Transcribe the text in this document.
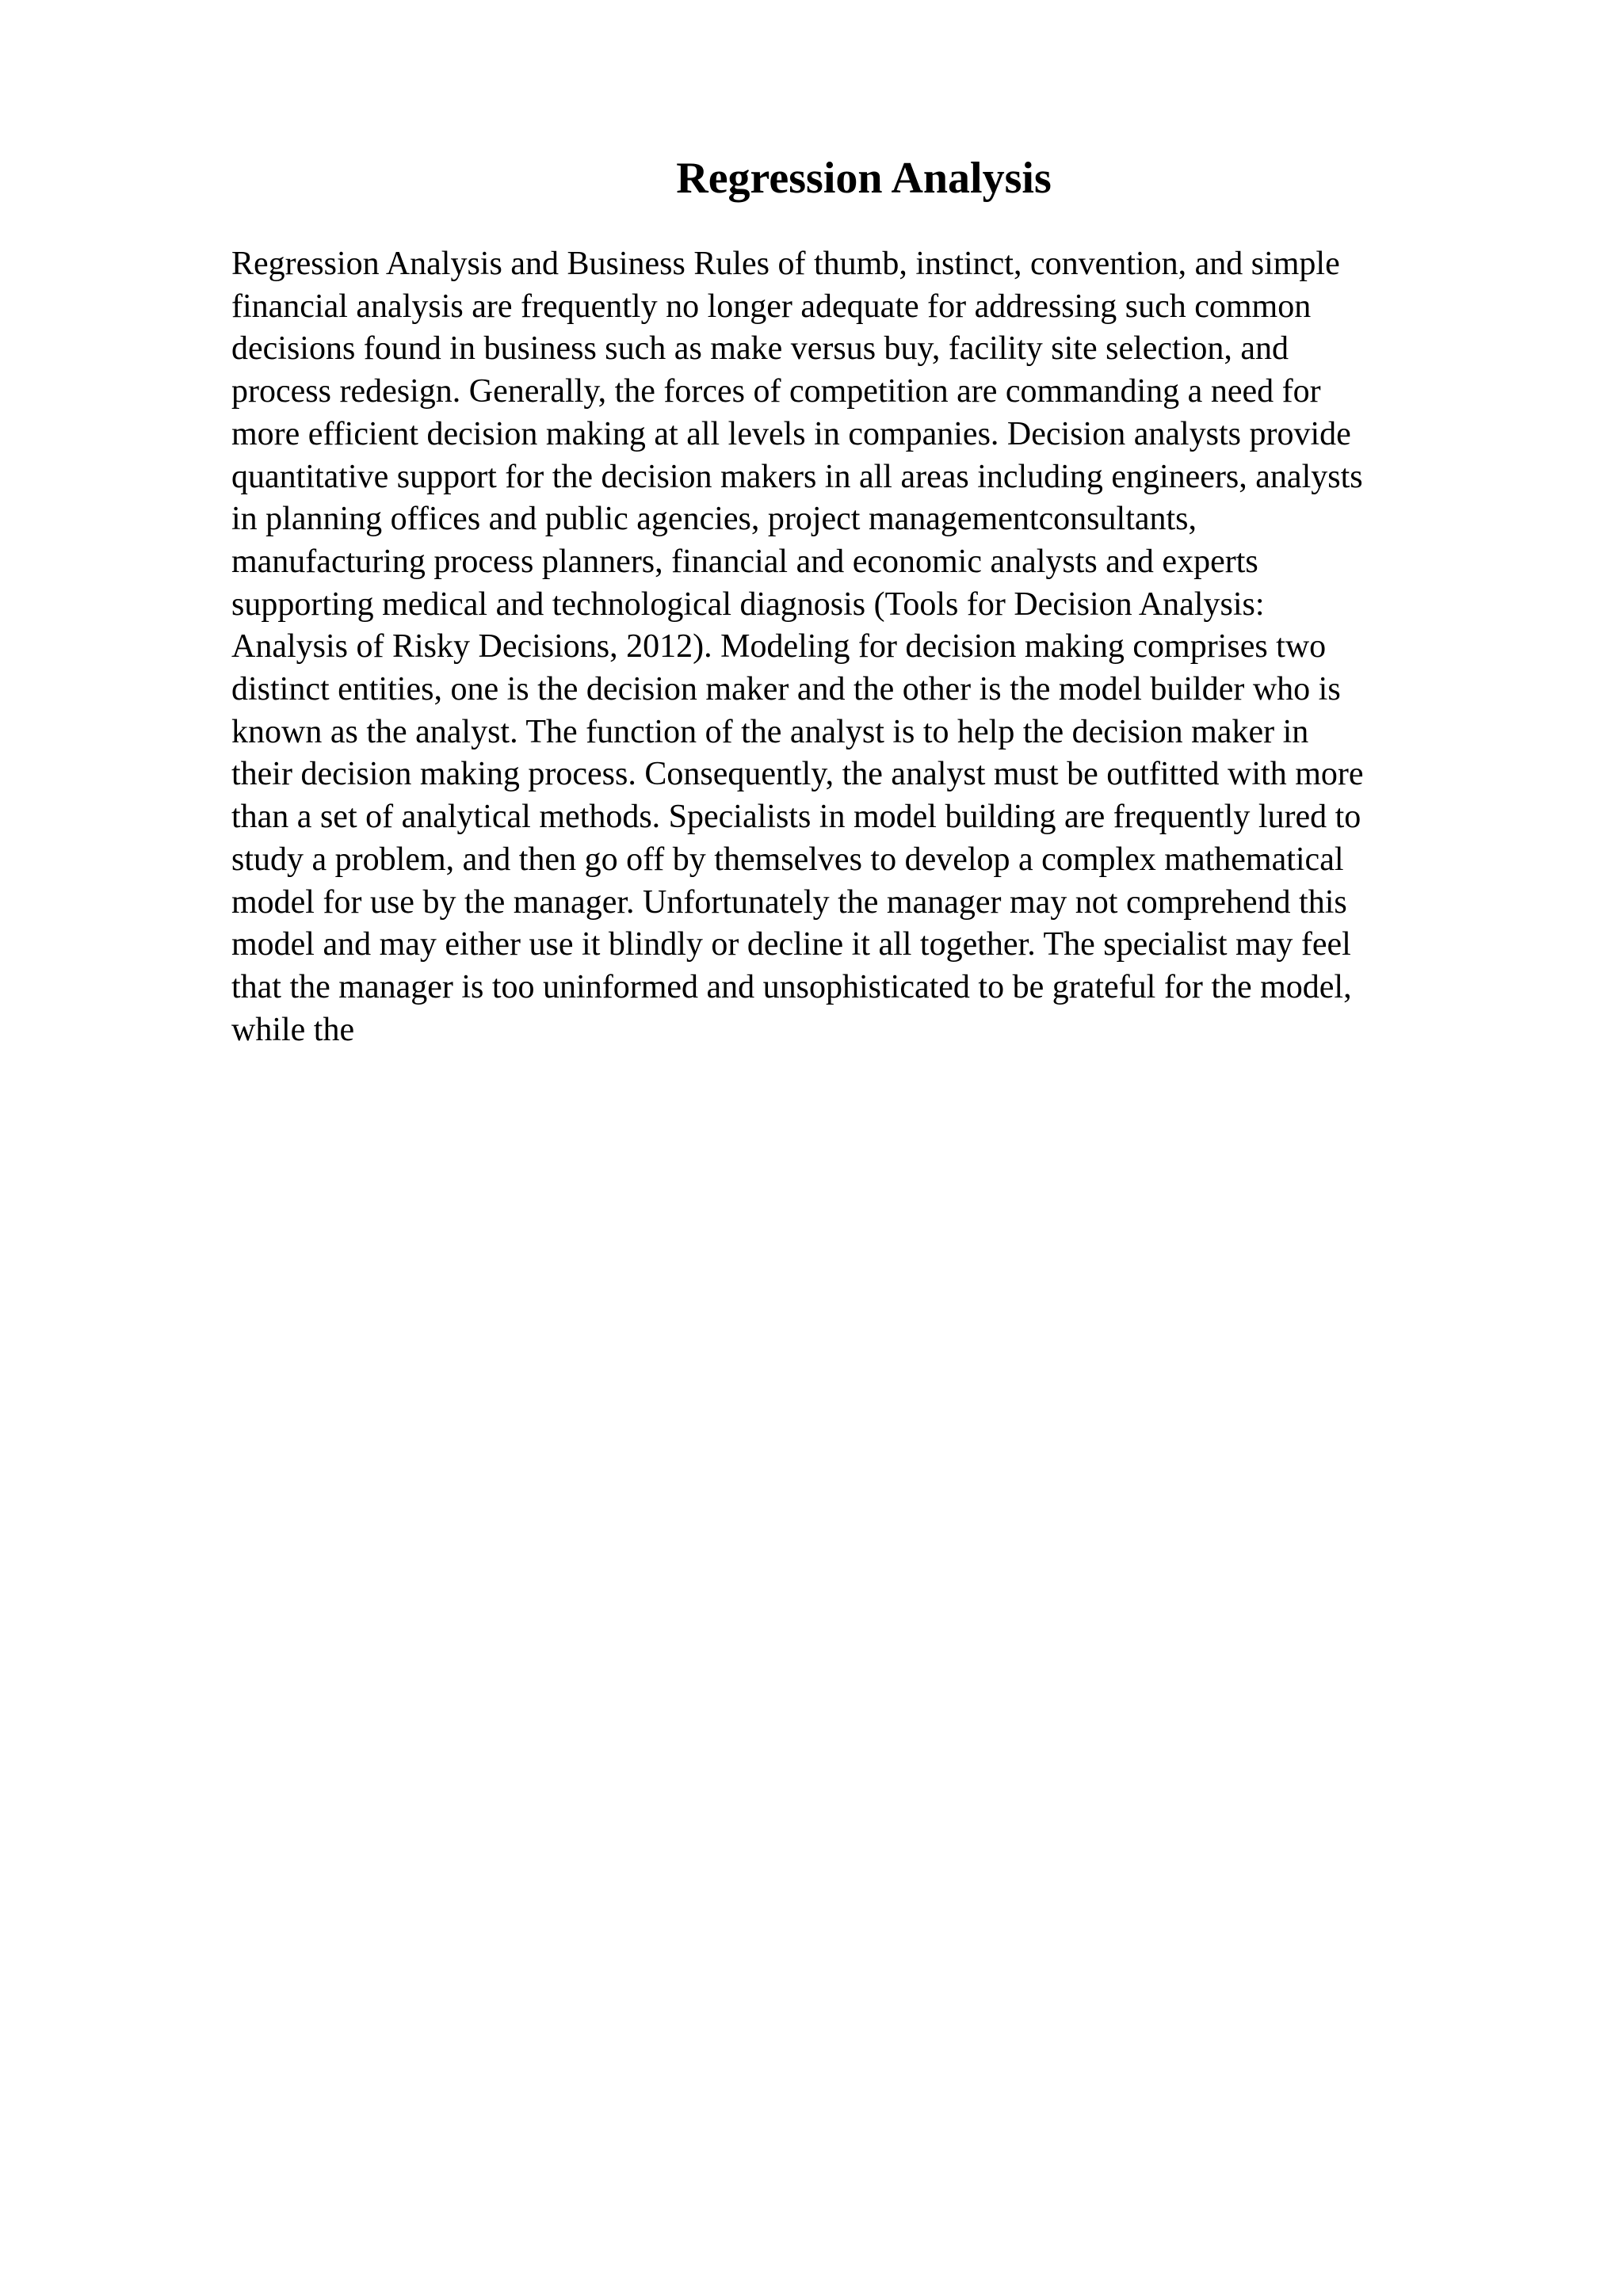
Regression Analysis
Regression Analysis and Business Rules of thumb, instinct, convention, and simple
financial analysis are frequently no longer adequate for addressing such common
decisions found in business such as make versus buy, facility site selection, and
process redesign. Generally, the forces of competition are commanding a need for
more efficient decision making at all levels in companies. Decision analysts provide
quantitative support for the decision makers in all areas including engineers, analysts
in planning offices and public agencies, project managementconsultants,
manufacturing process planners, financial and economic analysts and experts
supporting medical and technological diagnosis (Tools for Decision Analysis:
Analysis of Risky Decisions, 2012). Modeling for decision making comprises two
distinct entities, one is the decision maker and the other is the model builder who is
known as the analyst. The function of the analyst is to help the decision maker in
their decision making process. Consequently, the analyst must be outfitted with more
than a set of analytical methods. Specialists in model building are frequently lured to
study a problem, and then go off by themselves to develop a complex mathematical
model for use by the manager. Unfortunately the manager may not comprehend this
model and may either use it blindly or decline it all together. The specialist may feel
that the manager is too uninformed and unsophisticated to be grateful for the model,
while the
